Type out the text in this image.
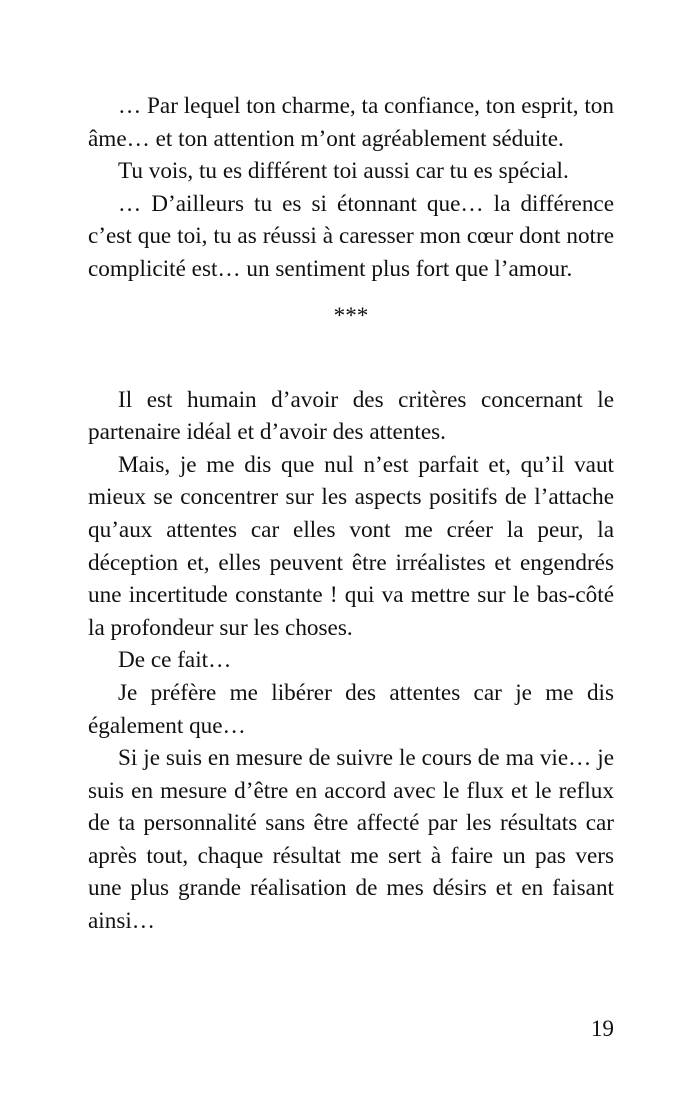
… Par lequel ton charme, ta confiance, ton esprit, ton âme… et ton attention m’ont agréablement séduite.

Tu vois, tu es différent toi aussi car tu es spécial.

… D’ailleurs tu es si étonnant que… la différence c’est que toi, tu as réussi à caresser mon cœur dont notre complicité est… un sentiment plus fort que l’amour.

***

Il est humain d’avoir des critères concernant le partenaire idéal et d’avoir des attentes.

Mais, je me dis que nul n’est parfait et, qu’il vaut mieux se concentrer sur les aspects positifs de l’attache qu’aux attentes car elles vont me créer la peur, la déception et, elles peuvent être irréalistes et engendrés une incertitude constante ! qui va mettre sur le bas-côté la profondeur sur les choses.

De ce fait…

Je préfère me libérer des attentes car je me dis également que…

Si je suis en mesure de suivre le cours de ma vie… je suis en mesure d’être en accord avec le flux et le reflux de ta personnalité sans être affecté par les résultats car après tout, chaque résultat me sert à faire un pas vers une plus grande réalisation de mes désirs et en faisant ainsi…

19
